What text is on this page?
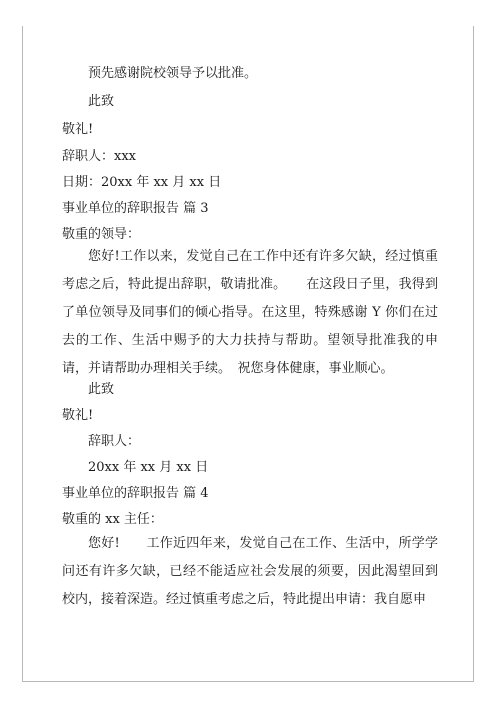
预先感谢院校领导予以批准。
此致
敬礼!
辞职人：xxx
日期：20xx 年 xx 月 xx 日
事业单位的辞职报告 篇 3
敬重的领导：
您好!工作以来，发觉自己在工作中还有许多欠缺，经过慎重考虑之后，特此提出辞职，敬请批准。　　在这段日子里，我得到了单位领导及同事们的倾心指导。在这里，特殊感谢 Y 你们在过去的工作、生活中赐予的大力扶持与帮助。望领导批准我的申请，并请帮助办理相关手续。　祝您身体健康，事业顺心。
此致
敬礼!
辞职人：
20xx 年 xx 月 xx 日
事业单位的辞职报告 篇 4
敬重的 xx 主任：
您好!　　工作近四年来，发觉自己在工作、生活中，所学学问还有许多欠缺，已经不能适应社会发展的须要，因此渴望回到校内，接着深造。经过慎重考虑之后，特此提出申请：我自愿申
